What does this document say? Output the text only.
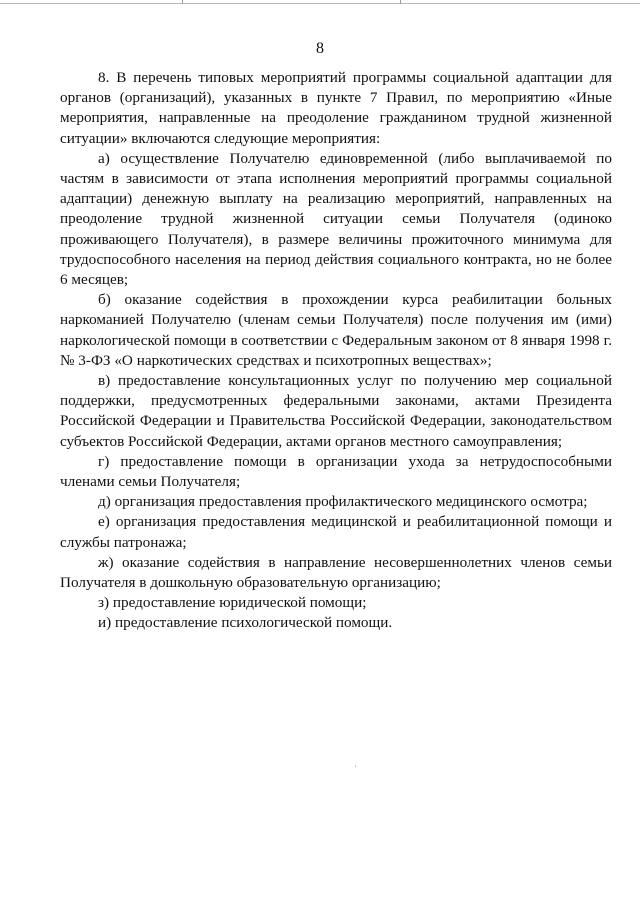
8

8. В перечень типовых мероприятий программы социальной адаптации для органов (организаций), указанных в пункте 7 Правил, по мероприятию «Иные мероприятия, направленные на преодоление гражданином трудной жизненной ситуации» включаются следующие мероприятия:

а) осуществление Получателю единовременной (либо выплачиваемой по частям в зависимости от этапа исполнения мероприятий программы социальной адаптации) денежную выплату на реализацию мероприятий, направленных на преодоление трудной жизненной ситуации семьи Получателя (одиноко проживающего Получателя), в размере величины прожиточного минимума для трудоспособного населения на период действия социального контракта, но не более 6 месяцев;

б) оказание содействия в прохождении курса реабилитации больных наркоманией Получателю (членам семьи Получателя) после получения им (ими) наркологической помощи в соответствии с Федеральным законом от 8 января 1998 г. № 3-ФЗ «О наркотических средствах и психотропных веществах»;

в) предоставление консультационных услуг по получению мер социальной поддержки, предусмотренных федеральными законами, актами Президента Российской Федерации и Правительства Российской Федерации, законодательством субъектов Российской Федерации, актами органов местного самоуправления;

г) предоставление помощи в организации ухода за нетрудоспособными членами семьи Получателя;

д) организация предоставления профилактического медицинского осмотра;

е) организация предоставления медицинской и реабилитационной помощи и службы патронажа;

ж) оказание содействия в направление несовершеннолетних членов семьи Получателя в дошкольную образовательную организацию;

з) предоставление юридической помощи;

и) предоставление психологической помощи.
